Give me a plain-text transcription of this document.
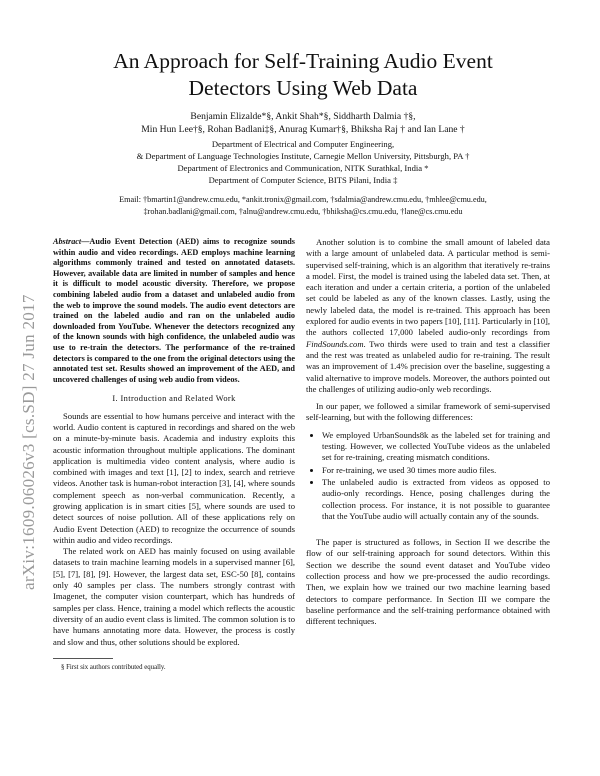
arXiv:1609.06026v3 [cs.SD] 27 Jun 2017
An Approach for Self-Training Audio Event
Detectors Using Web Data
Benjamin Elizalde*§, Ankit Shah*§, Siddharth Dalmia †§,
Min Hun Lee†§, Rohan Badlani‡§, Anurag Kumar†§, Bhiksha Raj † and Ian Lane †
Department of Electrical and Computer Engineering,
& Department of Language Technologies Institute, Carnegie Mellon University, Pittsburgh, PA †
Department of Electronics and Communication, NITK Surathkal, India *
Department of Computer Science, BITS Pilani, India ‡
Email: †bmartin1@andrew.cmu.edu, *ankit.tronix@gmail.com, †sdalmia@andrew.cmu.edu, †mhlee@cmu.edu,
‡rohan.badlani@gmail.com, †alnu@andrew.cmu.edu, †bhiksha@cs.cmu.edu, †lane@cs.cmu.edu
Abstract—Audio Event Detection (AED) aims to recognize sounds within audio and video recordings. AED employs machine learning algorithms commonly trained and tested on annotated datasets. However, available data are limited in number of samples and hence it is difficult to model acoustic diversity. Therefore, we propose combining labeled audio from a dataset and unlabeled audio from the web to improve the sound models. The audio event detectors are trained on the labeled audio and ran on the unlabeled audio downloaded from YouTube. Whenever the detectors recognized any of the known sounds with high confidence, the unlabeled audio was use to re-train the detectors. The performance of the re-trained detectors is compared to the one from the original detectors using the annotated test set. Results showed an improvement of the AED, and uncovered challenges of using web audio from videos.
I. Introduction and Related Work

Sounds are essential to how humans perceive and interact with the world. Audio content is captured in recordings and shared on the web on a minute-by-minute basis. Academia and industry exploits this acoustic information throughout multiple applications. The dominant application is multimedia video content analysis, where audio is combined with images and text [1], [2] to index, search and retrieve videos. Another task is human-robot interaction [3], [4], where sounds complement speech as non-verbal communication. Recently, a growing application is in smart cities [5], where sounds are used to detect sources of noise pollution. All of these applications rely on Audio Event Detection (AED) to recognize the occurrence of sounds within audio and video recordings.

The related work on AED has mainly focused on using available datasets to train machine learning models in a supervised manner [6], [5], [7], [8], [9]. However, the largest data set, ESC-50 [8], contains only 40 samples per class. The numbers strongly contrast with Imagenet, the computer vision counterpart, which has hundreds of samples per class. Hence, training a model which reflects the acoustic diversity of an audio event class is limited. The common solution is to have humans annotating more data. However, the process is costly and slow and thus, other solutions should be explored.

§ First six authors contributed equally.

Another solution is to combine the small amount of labeled data with a large amount of unlabeled data. A particular method is semi-supervised self-training, which is an algorithm that iteratively re-trains a model. First, the model is trained using the labeled data set. Then, at each iteration and under a certain criteria, a portion of the unlabeled set could be labeled as any of the known classes. Lastly, using the newly labeled data, the model is re-trained. This approach has been explored for audio events in two papers [10], [11]. Particularly in [10], the authors collected 17,000 labeled audio-only recordings from FindSounds.com. Two thirds were used to train and test a classifier and the rest was treated as unlabeled audio for re-training. The result was an improvement of 1.4% precision over the baseline, suggesting a valid alternative to improve models. Moreover, the authors pointed out the challenges of utilizing audio-only web recordings.

In our paper, we followed a similar framework of semi-supervised self-learning, but with the following differences:

• We employed UrbanSounds8k as the labeled set for training and testing. However, we collected YouTube videos as the unlabeled set for re-training, creating mismatch conditions.
• For re-training, we used 30 times more audio files.
• The unlabeled audio is extracted from videos as opposed to audio-only recordings. Hence, posing challenges during the collection process. For instance, it is not possible to guarantee that the YouTube audio will actually contain any of the sounds.

The paper is structured as follows, in Section II we describe the flow of our self-training approach for sound detectors. Within this Section we describe the sound event dataset and YouTube video collection process and how we pre-processed the audio recordings. Then, we explain how we trained our two machine learning based detectors to compare performance. In Section III we compare the baseline performance and the self-training performance obtained with different techniques.
